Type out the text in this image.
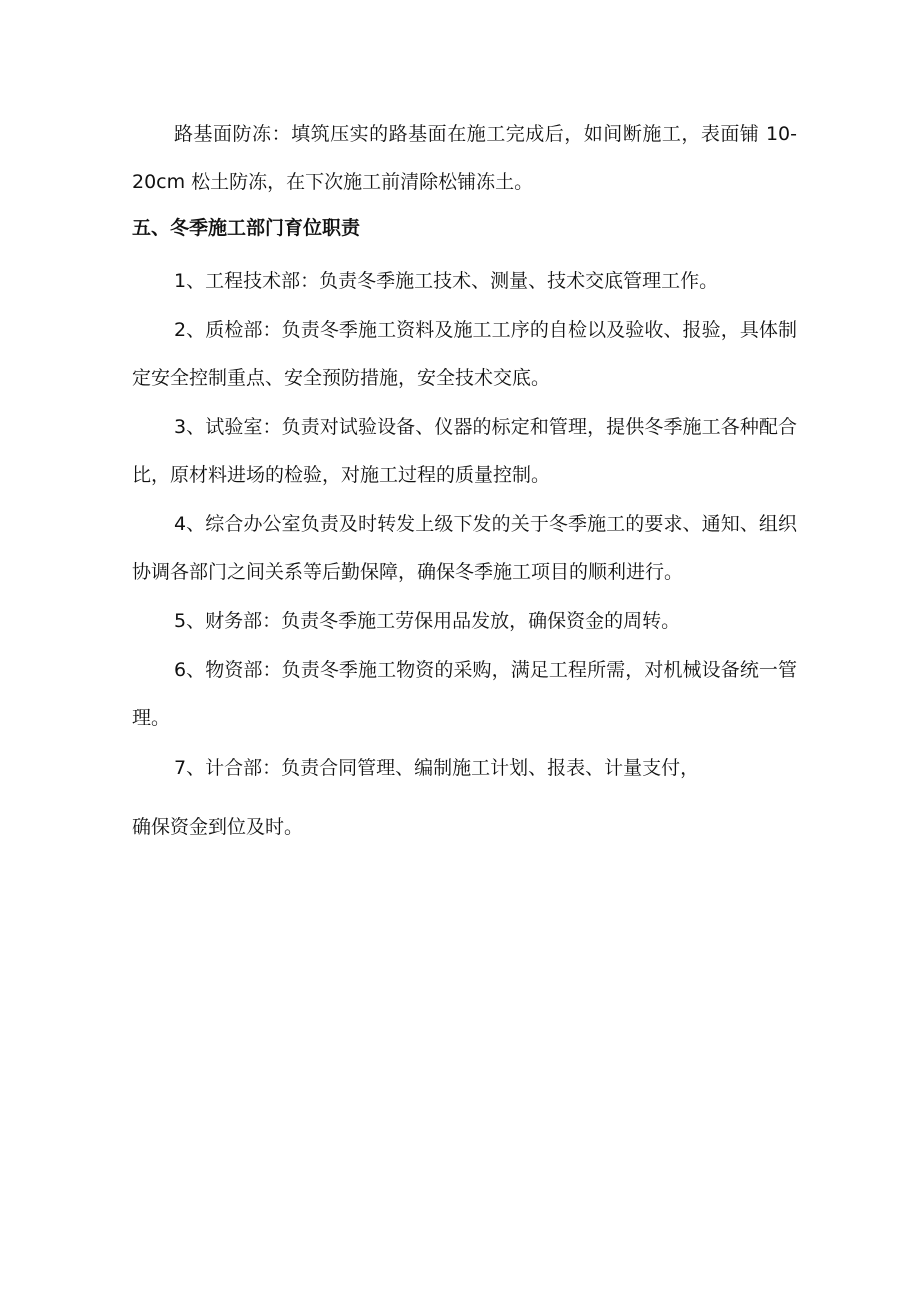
路基面防冻：填筑压实的路基面在施工完成后，如间断施工，表面铺 10-20cm 松土防冻，在下次施工前清除松铺冻土。

五、冬季施工部门育位职责

1、工程技术部：负责冬季施工技术、测量、技术交底管理工作。

2、质检部：负责冬季施工资料及施工工序的自检以及验收、报验，具体制定安全控制重点、安全预防措施，安全技术交底。

3、试验室：负责对试验设备、仪器的标定和管理，提供冬季施工各种配合比，原材料进场的检验，对施工过程的质量控制。

4、综合办公室负责及时转发上级下发的关于冬季施工的要求、通知、组织协调各部门之间关系等后勤保障，确保冬季施工项目的顺利进行。

5、财务部：负责冬季施工劳保用品发放，确保资金的周转。

6、物资部：负责冬季施工物资的采购，满足工程所需，对机械设备统一管理。

7、计合部：负责合同管理、编制施工计划、报表、计量支付，

确保资金到位及时。
